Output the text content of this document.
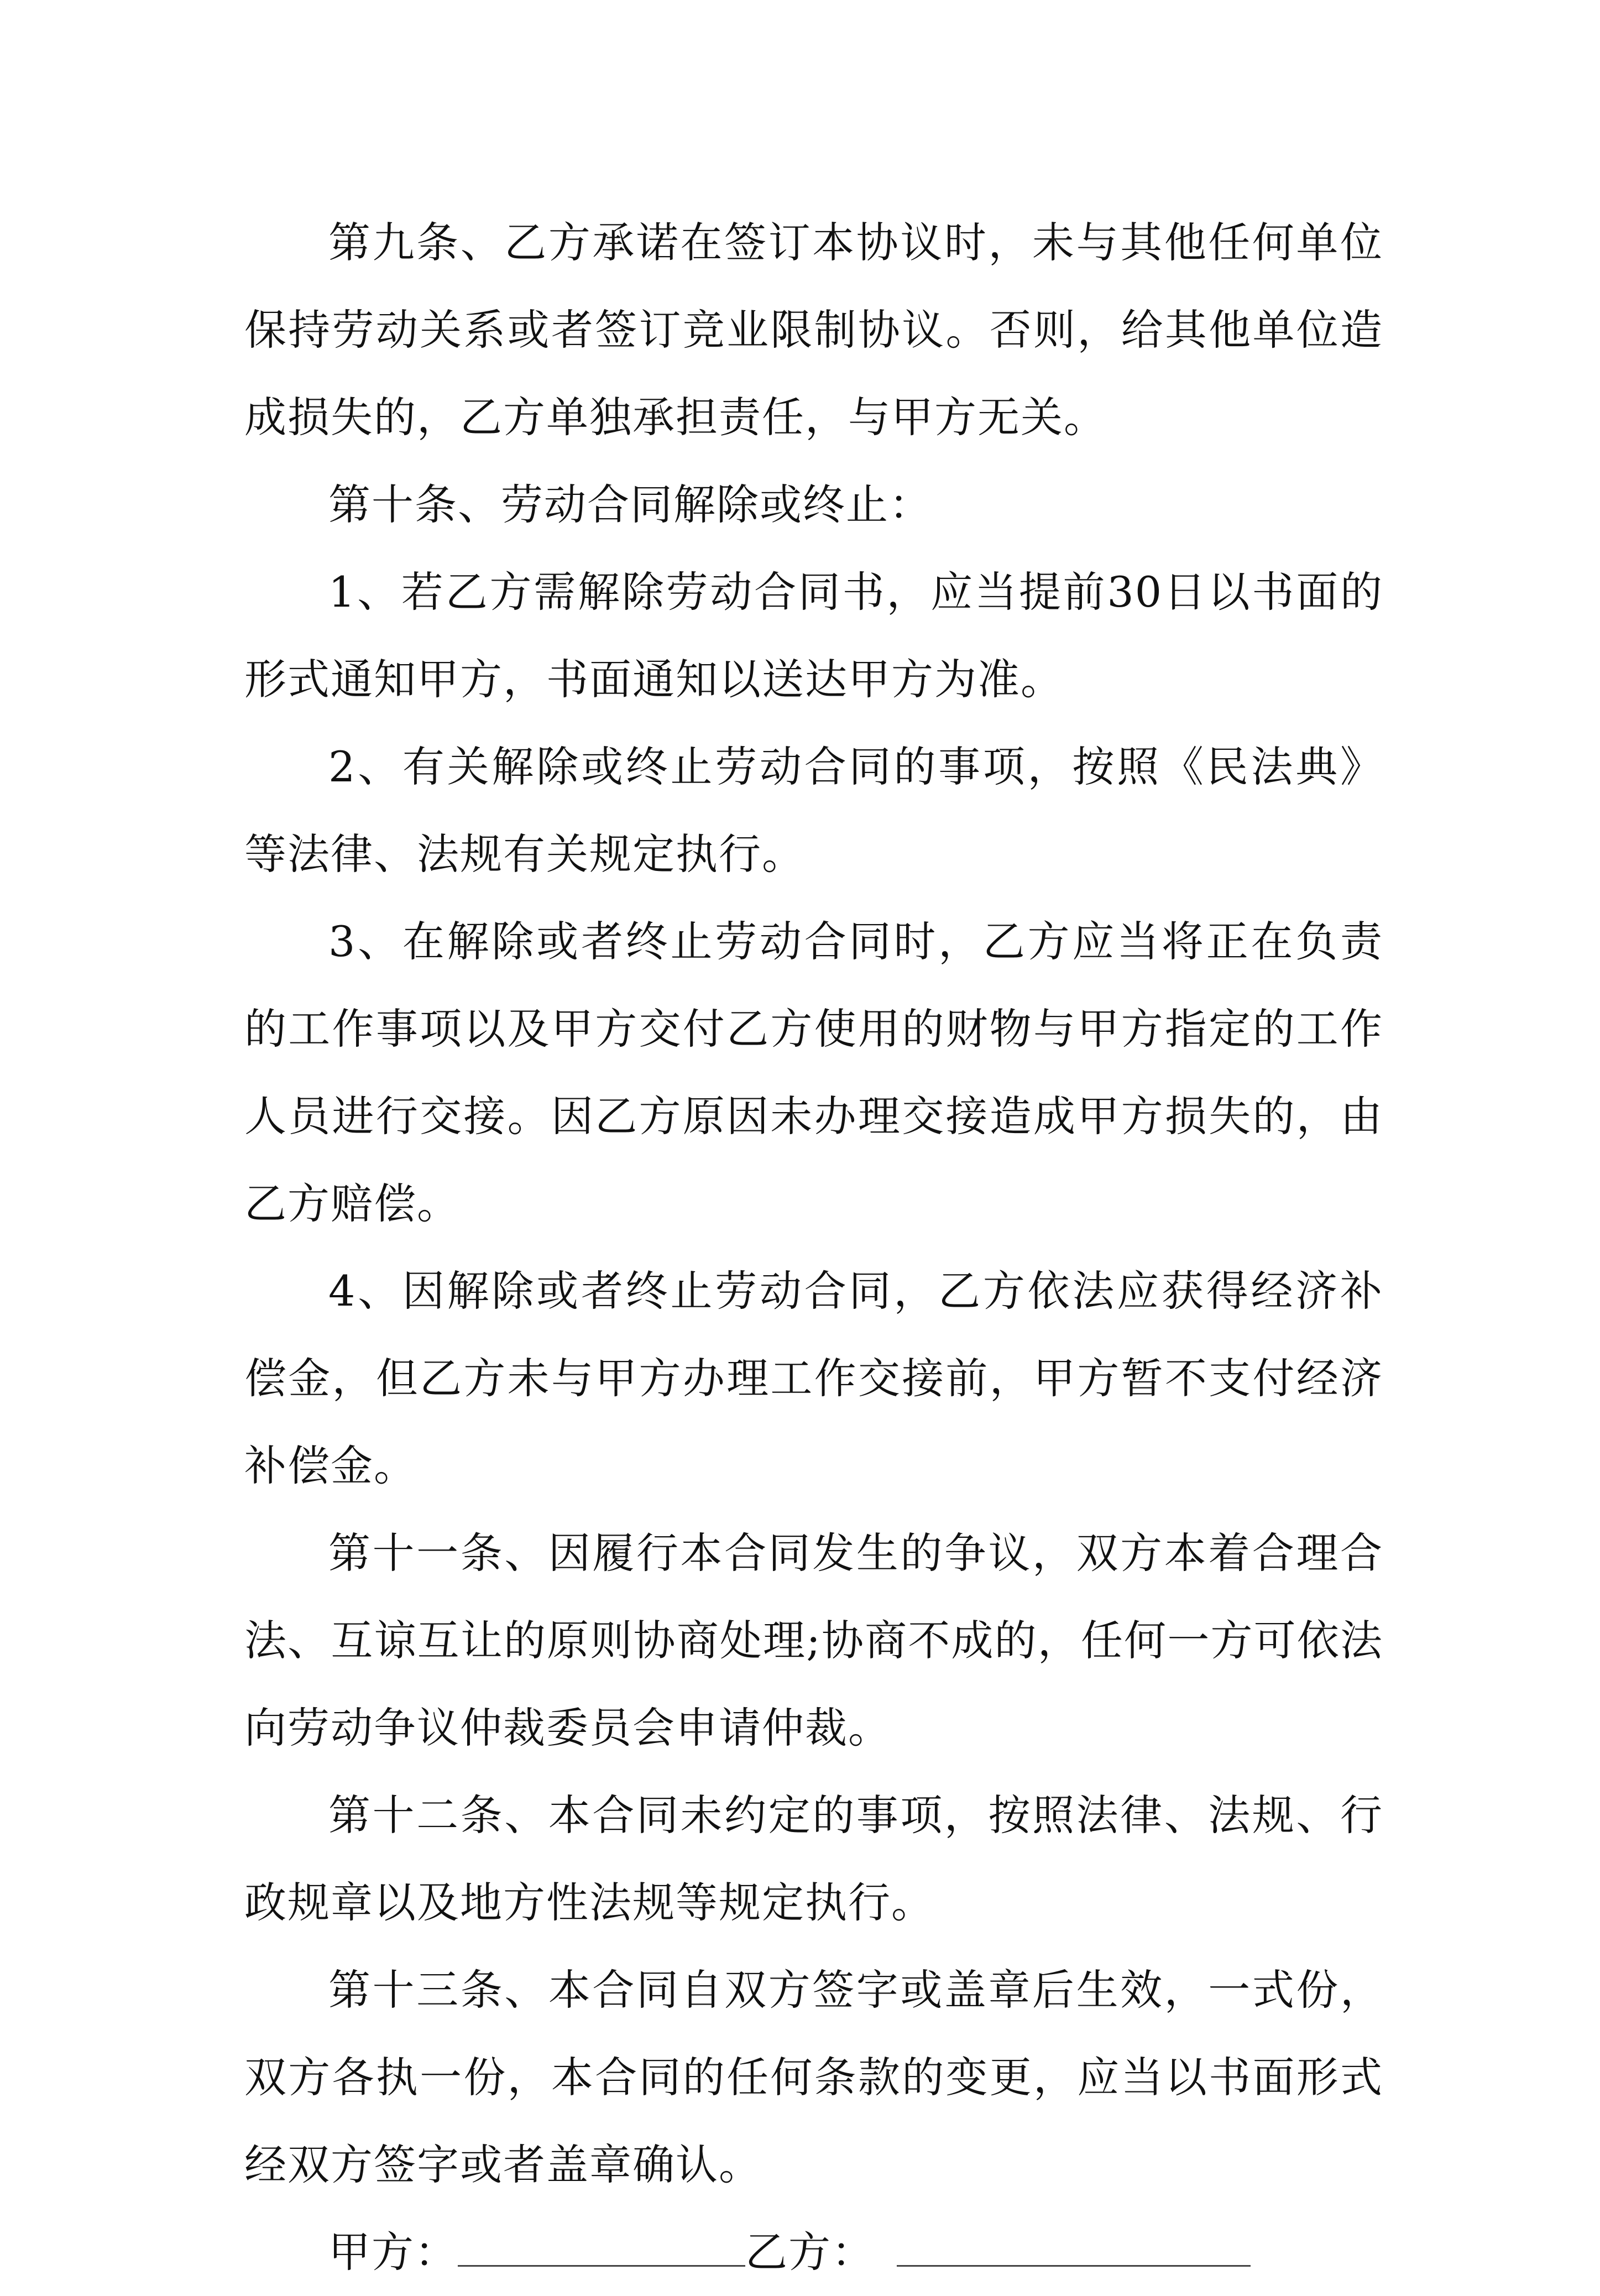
第九条、乙方承诺在签订本协议时，未与其他任何单位保持劳动关系或者签订竞业限制协议。否则，给其他单位造成损失的，乙方单独承担责任，与甲方无关。

第十条、劳动合同解除或终止：

1、若乙方需解除劳动合同书，应当提前30日以书面的形式通知甲方，书面通知以送达甲方为准。

2、有关解除或终止劳动合同的事项，按照《民法典》等法律、法规有关规定执行。

3、在解除或者终止劳动合同时，乙方应当将正在负责的工作事项以及甲方交付乙方使用的财物与甲方指定的工作人员进行交接。因乙方原因未办理交接造成甲方损失的，由乙方赔偿。

4、因解除或者终止劳动合同，乙方依法应获得经济补偿金，但乙方未与甲方办理工作交接前，甲方暂不支付经济补偿金。

第十一条、因履行本合同发生的争议，双方本着合理合法、互谅互让的原则协商处理;协商不成的，任何一方可依法向劳动争议仲裁委员会申请仲裁。

第十二条、本合同未约定的事项，按照法律、法规、行政规章以及地方性法规等规定执行。

第十三条、本合同自双方签字或盖章后生效，一式份，双方各执一份，本合同的任何条款的变更，应当以书面形式经双方签字或者盖章确认。

甲方：	乙方：
